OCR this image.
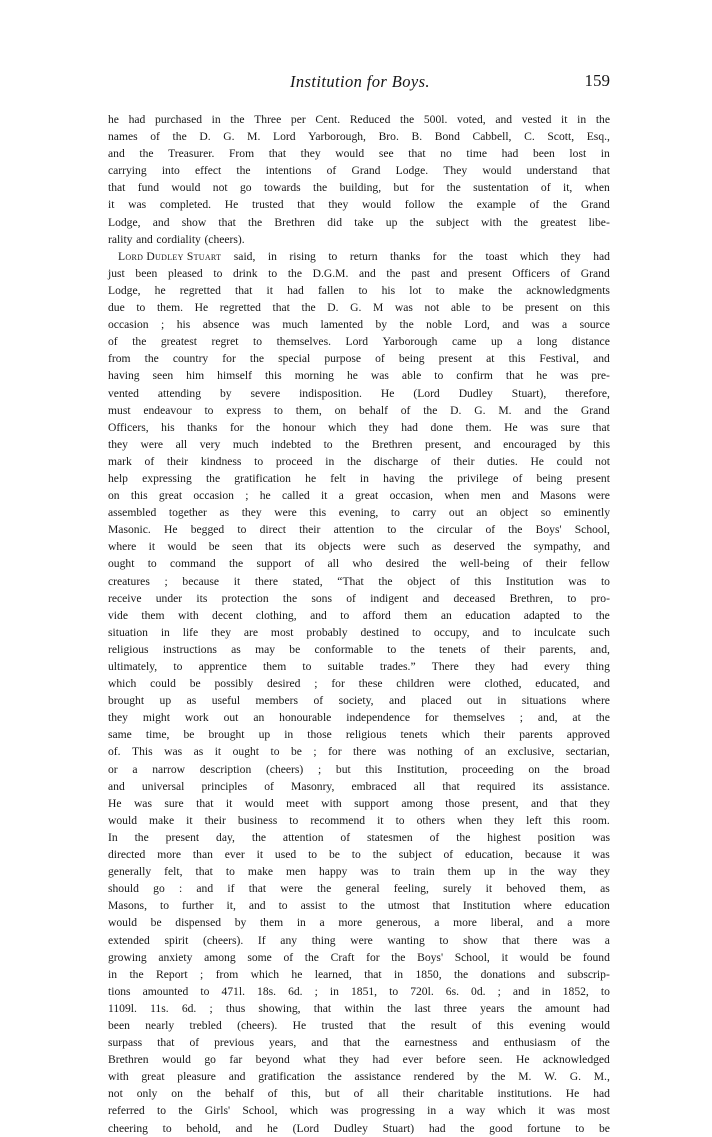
Institution for Boys.	159
he had purchased in the Three per Cent. Reduced the 500l. voted, and vested it in the
names of the D. G. M. Lord Yarborough, Bro. B. Bond Cabbell, C. Scott, Esq.,
and the Treasurer. From that they would see that no time had been lost in
carrying into effect the intentions of Grand Lodge. They would understand that
that fund would not go towards the building, but for the sustentation of it, when
it was completed. He trusted that they would follow the example of the Grand
Lodge, and show that the Brethren did take up the subject with the greatest libe-
rality and cordiality (cheers).
Lord Dudley Stuart said, in rising to return thanks for the toast which they had
just been pleased to drink to the D.G.M. and the past and present Officers of Grand
Lodge, he regretted that it had fallen to his lot to make the acknowledgments
due to them. He regretted that the D. G. M was not able to be present on this
occasion ; his absence was much lamented by the noble Lord, and was a source
of the greatest regret to themselves. Lord Yarborough came up a long distance
from the country for the special purpose of being present at this Festival, and
having seen him himself this morning he was able to confirm that he was pre-
vented attending by severe indisposition. He (Lord Dudley Stuart), therefore,
must endeavour to express to them, on behalf of the D. G. M. and the Grand
Officers, his thanks for the honour which they had done them. He was sure that
they were all very much indebted to the Brethren present, and encouraged by this
mark of their kindness to proceed in the discharge of their duties. He could not
help expressing the gratification he felt in having the privilege of being present
on this great occasion ; he called it a great occasion, when men and Masons were
assembled together as they were this evening, to carry out an object so eminently
Masonic. He begged to direct their attention to the circular of the Boys' School,
where it would be seen that its objects were such as deserved the sympathy, and
ought to command the support of all who desired the well-being of their fellow
creatures ; because it there stated, “That the object of this Institution was to
receive under its protection the sons of indigent and deceased Brethren, to pro-
vide them with decent clothing, and to afford them an education adapted to the
situation in life they are most probably destined to occupy, and to inculcate such
religious instructions as may be conformable to the tenets of their parents, and,
ultimately, to apprentice them to suitable trades.” There they had every thing
which could be possibly desired ; for these children were clothed, educated, and
brought up as useful members of society, and placed out in situations where
they might work out an honourable independence for themselves ; and, at the
same time, be brought up in those religious tenets which their parents approved
of. This was as it ought to be ; for there was nothing of an exclusive, sectarian,
or a narrow description (cheers) ; but this Institution, proceeding on the broad
and universal principles of Masonry, embraced all that required its assistance.
He was sure that it would meet with support among those present, and that they
would make it their business to recommend it to others when they left this room.
In the present day, the attention of statesmen of the highest position was
directed more than ever it used to be to the subject of education, because it was
generally felt, that to make men happy was to train them up in the way they
should go : and if that were the general feeling, surely it behoved them, as
Masons, to further it, and to assist to the utmost that Institution where education
would be dispensed by them in a more generous, a more liberal, and a more
extended spirit (cheers). If any thing were wanting to show that there was a
growing anxiety among some of the Craft for the Boys' School, it would be found
in the Report ; from which he learned, that in 1850, the donations and subscrip-
tions amounted to 471l. 18s. 6d. ; in 1851, to 720l. 6s. 0d. ; and in 1852, to
1109l. 11s. 6d. ; thus showing, that within the last three years the amount had
been nearly trebled (cheers). He trusted that the result of this evening would
surpass that of previous years, and that the earnestness and enthusiasm of the
Brethren would go far beyond what they had ever before seen. He acknowledged
with great pleasure and gratification the assistance rendered by the M. W. G. M.,
not only on the behalf of this, but of all their charitable institutions. He had
referred to the Girls' School, which was progressing in a way which it was most
cheering to behold, and he (Lord Dudley Stuart) had the good fortune to be
